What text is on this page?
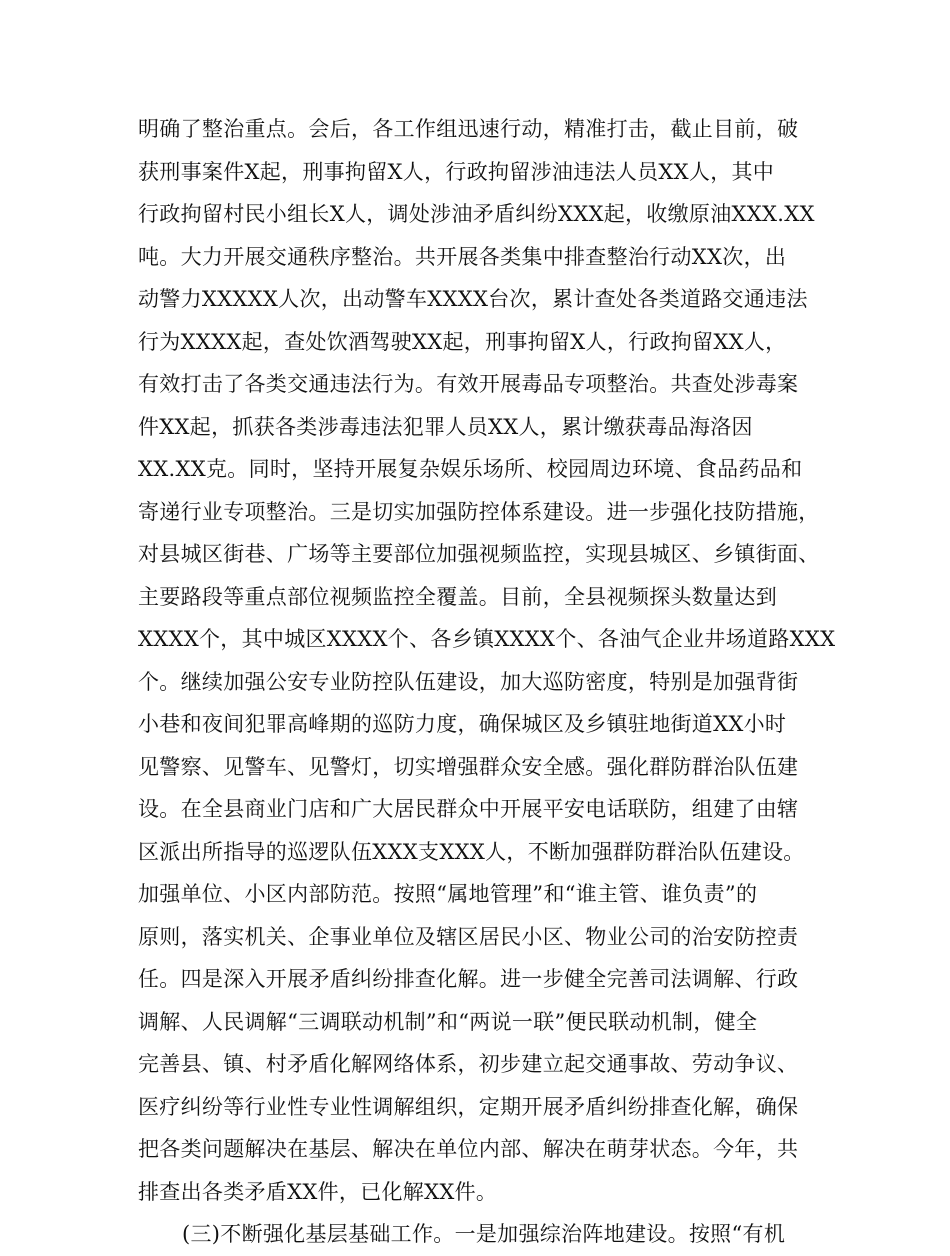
明确了整治重点。会后，各工作组迅速行动，精准打击，截止目前，破
获刑事案件X起，刑事拘留X人，行政拘留涉油违法人员XX人，其中
行政拘留村民小组长X人，调处涉油矛盾纠纷XXX起，收缴原油XXX.XX
吨。大力开展交通秩序整治。共开展各类集中排查整治行动XX次，出
动警力XXXXX人次，出动警车XXXX台次，累计查处各类道路交通违法
行为XXXX起，查处饮酒驾驶XX起，刑事拘留X人，行政拘留XX人，
有效打击了各类交通违法行为。有效开展毒品专项整治。共查处涉毒案
件XX起，抓获各类涉毒违法犯罪人员XX人，累计缴获毒品海洛因
XX.XX克。同时，坚持开展复杂娱乐场所、校园周边环境、食品药品和
寄递行业专项整治。三是切实加强防控体系建设。进一步强化技防措施，
对县城区街巷、广场等主要部位加强视频监控，实现县城区、乡镇街面、
主要路段等重点部位视频监控全覆盖。目前，全县视频探头数量达到
XXXX个，其中城区XXXX个、各乡镇XXXX个、各油气企业井场道路XXX
个。继续加强公安专业防控队伍建设，加大巡防密度，特别是加强背街
小巷和夜间犯罪高峰期的巡防力度，确保城区及乡镇驻地街道XX小时
见警察、见警车、见警灯，切实增强群众安全感。强化群防群治队伍建
设。在全县商业门店和广大居民群众中开展平安电话联防，组建了由辖
区派出所指导的巡逻队伍XXX支XXX人，不断加强群防群治队伍建设。
加强单位、小区内部防范。按照“属地管理”和“谁主管、谁负责”的
原则，落实机关、企事业单位及辖区居民小区、物业公司的治安防控责
任。四是深入开展矛盾纠纷排查化解。进一步健全完善司法调解、行政
调解、人民调解“三调联动机制”和“两说一联”便民联动机制，健全
完善县、镇、村矛盾化解网络体系，初步建立起交通事故、劳动争议、
医疗纠纷等行业性专业性调解组织，定期开展矛盾纠纷排查化解，确保
把各类问题解决在基层、解决在单位内部、解决在萌芽状态。今年，共
排查出各类矛盾XX件，已化解XX件。
(三)不断强化基层基础工作。一是加强综治阵地建设。按照“有机
